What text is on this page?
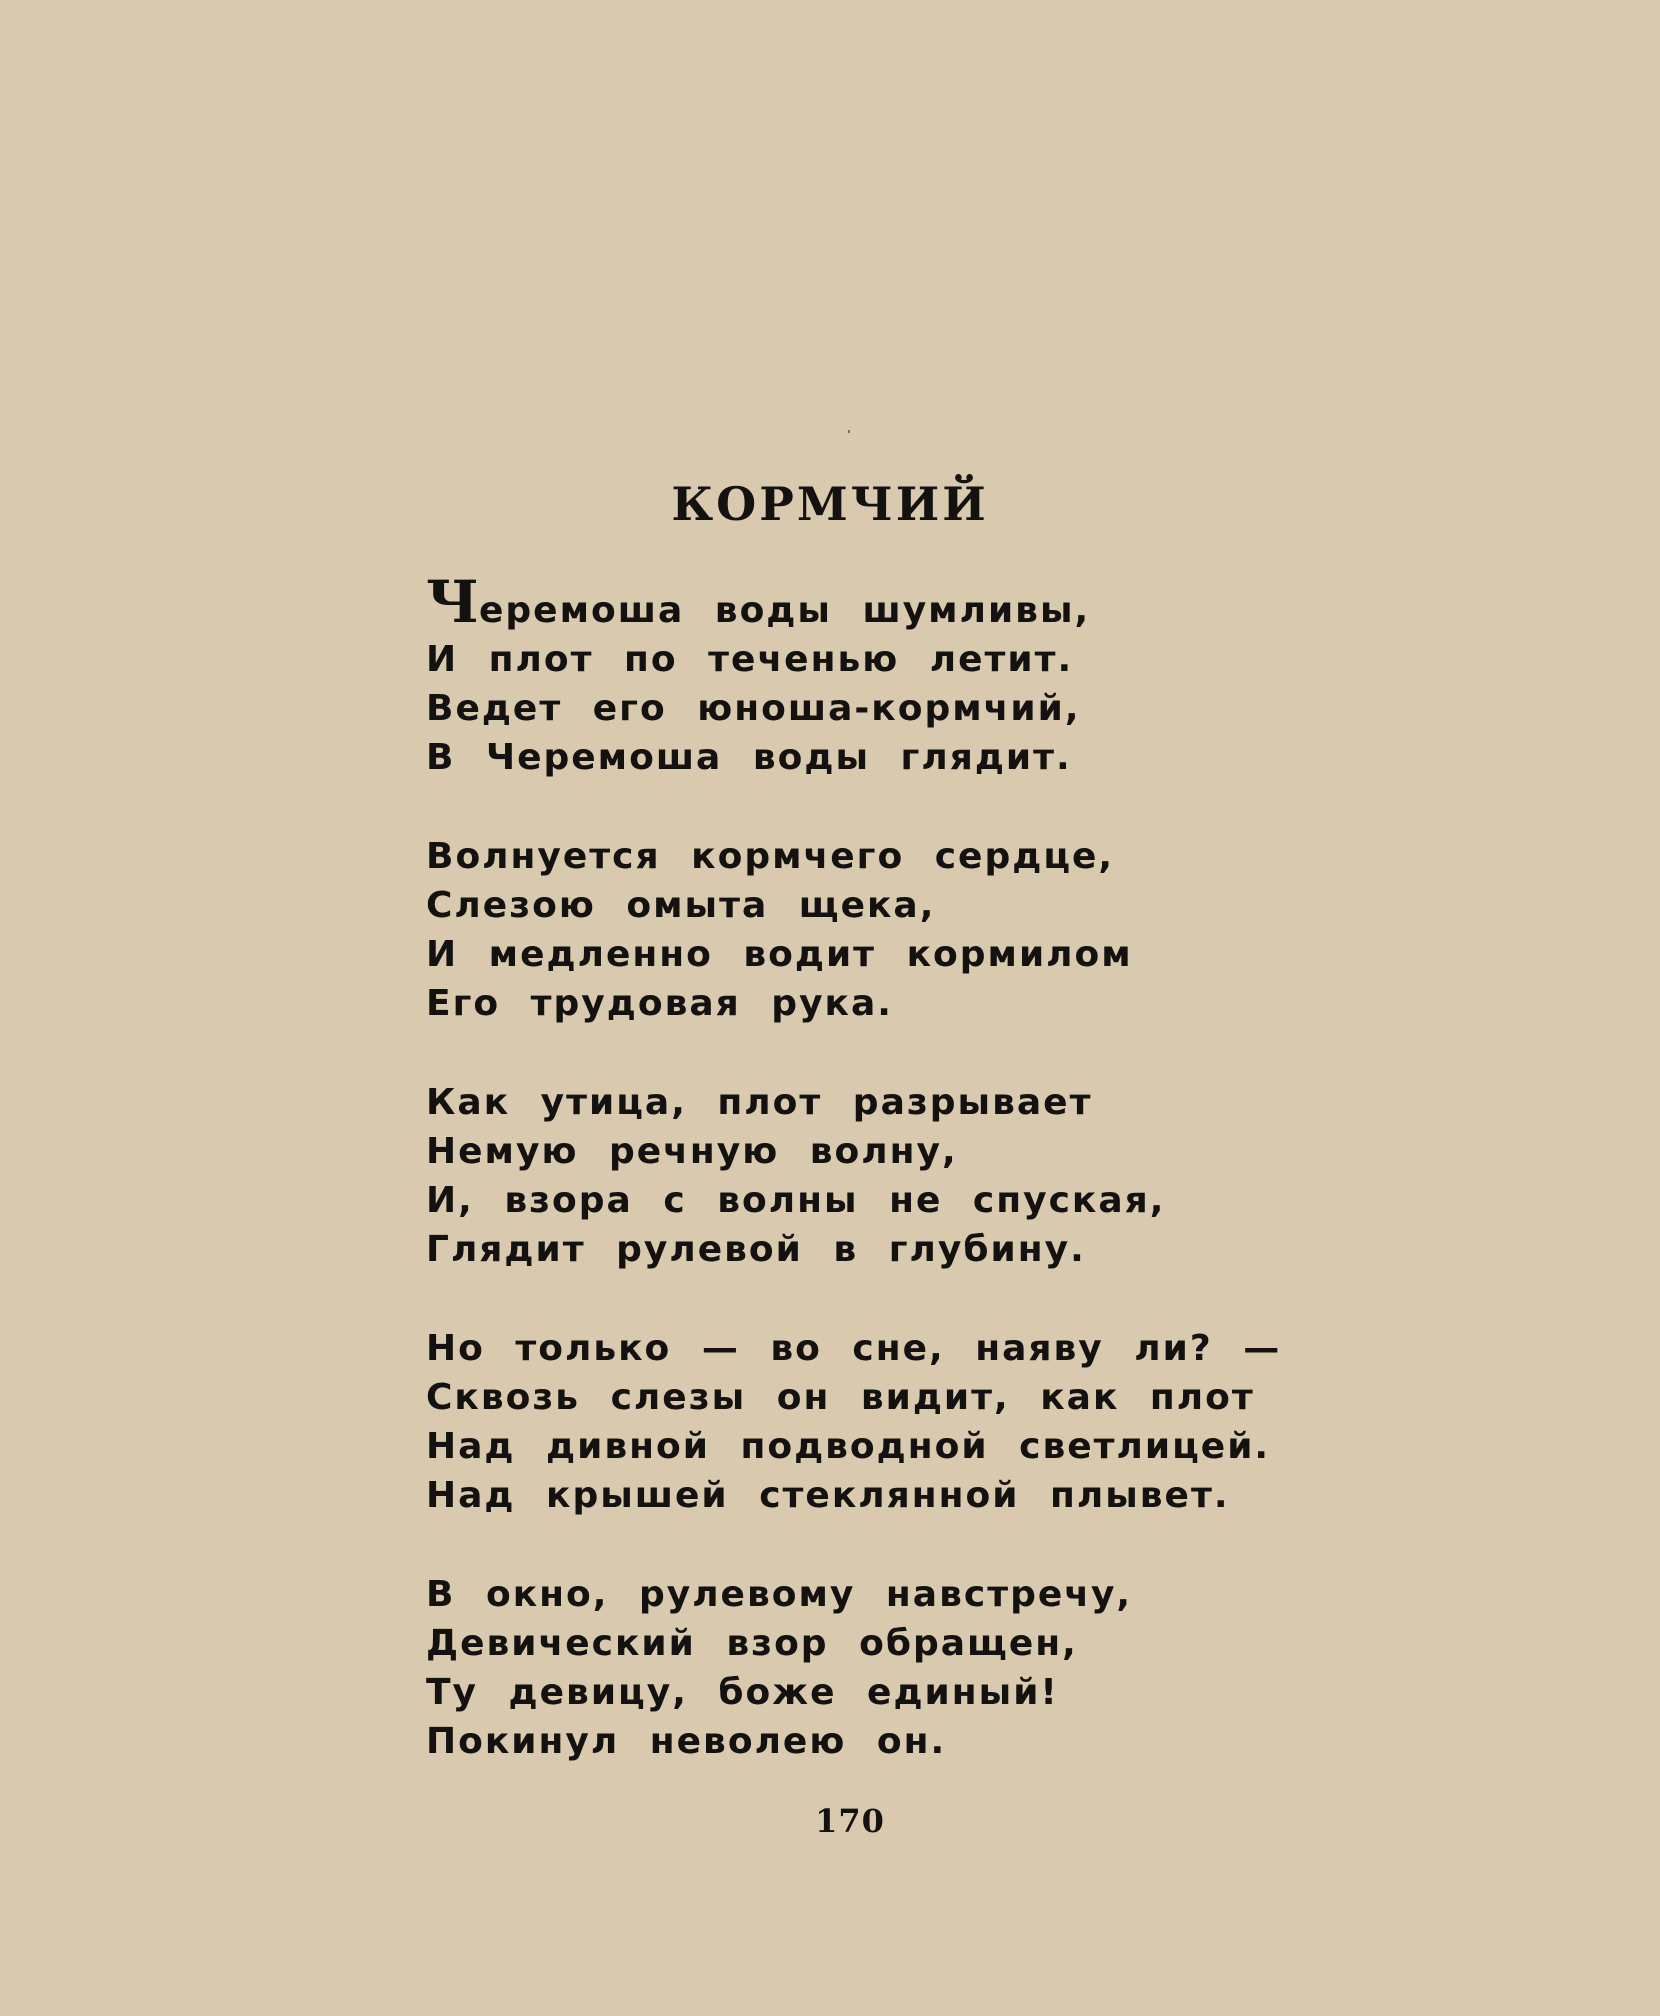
КОРМЧИЙ
Черемоша воды шумливы,
И плот по теченью летит.
Ведет его юноша-кормчий,
В Черемоша воды глядит.
Волнуется кормчего сердце,
Слезою омыта щека,
И медленно водит кормилом
Его трудовая рука.
Как утица, плот разрывает
Немую речную волну,
И, взора с волны не спуская,
Глядит рулевой в глубину.
Но только — во сне, наяву ли? —
Сквозь слезы он видит, как плот
Над дивной подводной светлицей.
Над крышей стеклянной плывет.
В окно, рулевому навстречу,
Девический взор обращен,
Ту девицу, боже единый!
Покинул неволею он.
170
